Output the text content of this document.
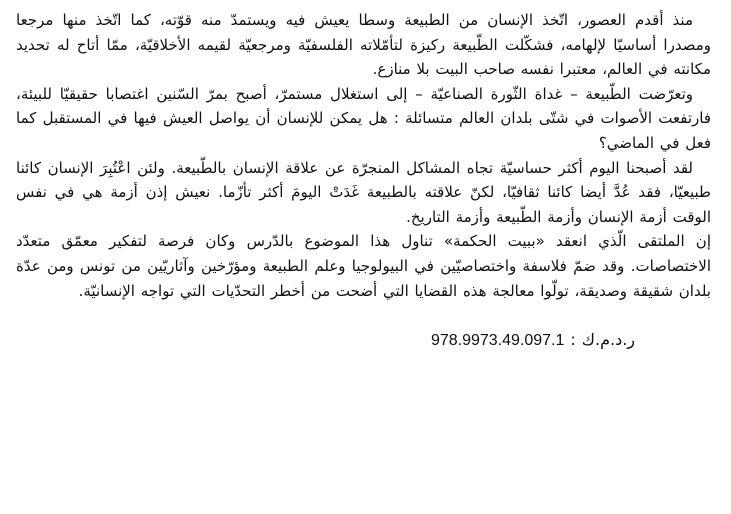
منذ أقدم العصور، اتّخذ الإنسان من الطبيعة وسطا يعيش فيه ويستمدّ منه قوّته، كما اتّخذ منها مرجعا ومصدرا أساسيّا لإلهامه، فشكّلت الطّبيعة ركيزة لتأمّلاته الفلسفيّة ومرجعيّة لقيمه الأخلاقيّة، ممّا أتاح له تحديد مكانته في العالم، معتبرا نفسه صاحب البيت بلا منازع.

وتعرّضت الطّبيعة – غداة الثّورة الصناعيّة – إلى استغلال مستمرّ، أصبح بمرّ السّنين اغتصابا حقيقيّا للبيئة، فارتفعت الأصوات في شتّى بلدان العالم متسائلة : هل يمكن للإنسان أن يواصل العيش فيها في المستقبل كما فعل في الماضي؟

لقد أصبحنا اليوم أكثر حساسيّة تجاه المشاكل المنجرّة عن علاقة الإنسان بالطّبيعة. ولئن اعْتُبِرَ الإنسان كائنا طبيعيّا، فقد عُدَّ أيضا كائنا ثقافيّا، لكنّ علاقته بالطبيعة غَدَتْ اليومَ أكثر تأزّما. نعيش إذن أزمة هي في نفس الوقت أزمة الإنسان وأزمة الطّبيعة وأزمة التاريخ.

إن الملتقى الّذي انعقد «ببيت الحكمة» تناول هذا الموضوع بالدّرس وكان فرصة لتفكير معمّق متعدّد الاختصاصات. وقد ضمّ فلاسفة واختصاصيّين في البيولوجيا وعلم الطبيعة ومؤرّخين وآثاريّين من تونس ومن عدّة بلدان شقيقة وصديقة، تولّوا معالجة هذه القضايا التي أضحت من أخطر التحدّيات التي تواجه الإنسانيّة.

ر.د.م.ك:978.9973.49.097.1
